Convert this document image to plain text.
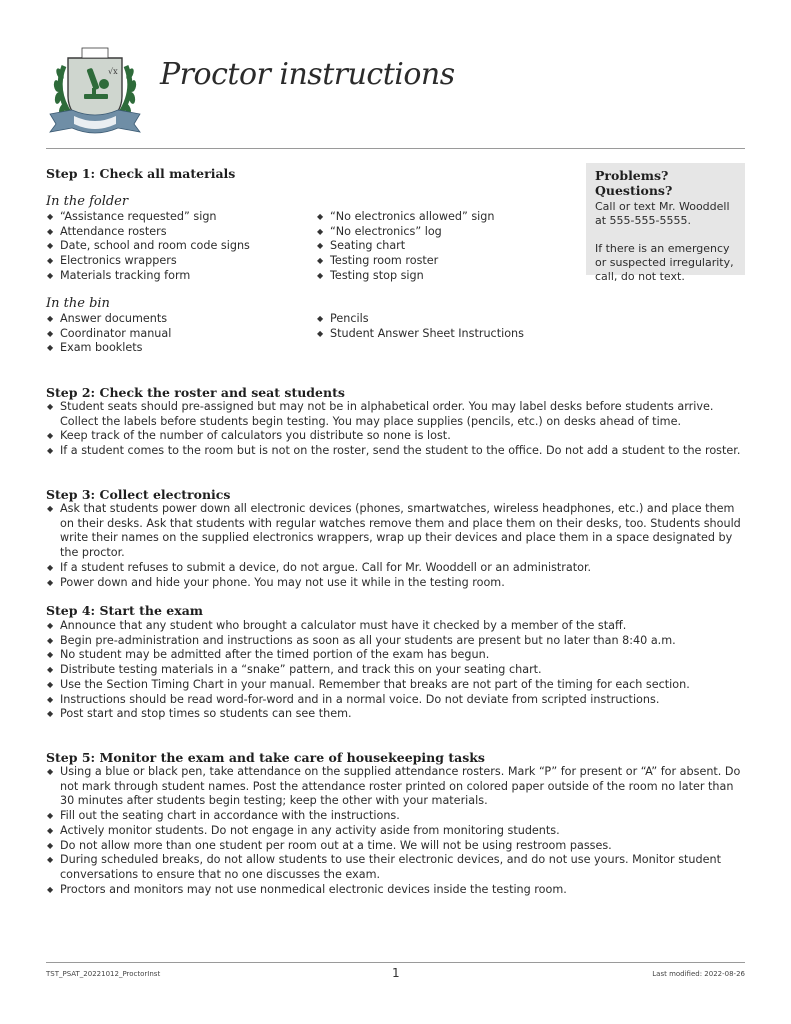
√x Proctor instructions
Step 1: Check all materials
In the folder
◆ “Assistance requested” sign
◆ Attendance rosters
◆ Date, school and room code signs
◆ Electronics wrappers
◆ Materials tracking form
◆ “No electronics allowed” sign
◆ “No electronics” log
◆ Seating chart
◆ Testing room roster
◆ Testing stop sign
In the bin
◆ Answer documents
◆ Coordinator manual
◆ Exam booklets
◆ Pencils
◆ Student Answer Sheet Instructions
Problems? Questions?

Call or text Mr. Wooddell at 555-555-5555.

If there is an emergency or suspected irregularity, call, do not text.

Step 2: Check the roster and seat students
◆ Student seats should pre-assigned but may not be in alphabetical order. You may label desks before students arrive. Collect the labels before students begin testing. You may place supplies (pencils, etc.) on desks ahead of time.
◆ Keep track of the number of calculators you distribute so none is lost.
◆ If a student comes to the room but is not on the roster, send the student to the office. Do not add a student to the roster.
Step 3: Collect electronics
◆ Ask that students power down all electronic devices (phones, smartwatches, wireless headphones, etc.) and place them on their desks. Ask that students with regular watches remove them and place them on their desks, too. Students should write their names on the supplied electronics wrappers, wrap up their devices and place them in a space designated by the proctor.
◆ If a student refuses to submit a device, do not argue. Call for Mr. Wooddell or an administrator.
◆ Power down and hide your phone. You may not use it while in the testing room.
Step 4: Start the exam
◆ Announce that any student who brought a calculator must have it checked by a member of the staff.
◆ Begin pre-administration and instructions as soon as all your students are present but no later than 8:40 a.m.
◆ No student may be admitted after the timed portion of the exam has begun.
◆ Distribute testing materials in a “snake” pattern, and track this on your seating chart.
◆ Use the Section Timing Chart in your manual. Remember that breaks are not part of the timing for each section.
◆ Instructions should be read word-for-word and in a normal voice. Do not deviate from scripted instructions.
◆ Post start and stop times so students can see them.
Step 5: Monitor the exam and take care of housekeeping tasks
◆ Using a blue or black pen, take attendance on the supplied attendance rosters. Mark “P” for present or “A” for absent. Do not mark through student names. Post the attendance roster printed on colored paper outside of the room no later than 30 minutes after students begin testing; keep the other with your materials.
◆ Fill out the seating chart in accordance with the instructions.
◆ Actively monitor students. Do not engage in any activity aside from monitoring students.
◆ Do not allow more than one student per room out at a time. We will not be using restroom passes.
◆ During scheduled breaks, do not allow students to use their electronic devices, and do not use yours. Monitor student conversations to ensure that no one discusses the exam.
◆ Proctors and monitors may not use nonmedical electronic devices inside the testing room.
TST_PSAT_20221012_ProctorInst	1	Last modified: 2022-08-26
